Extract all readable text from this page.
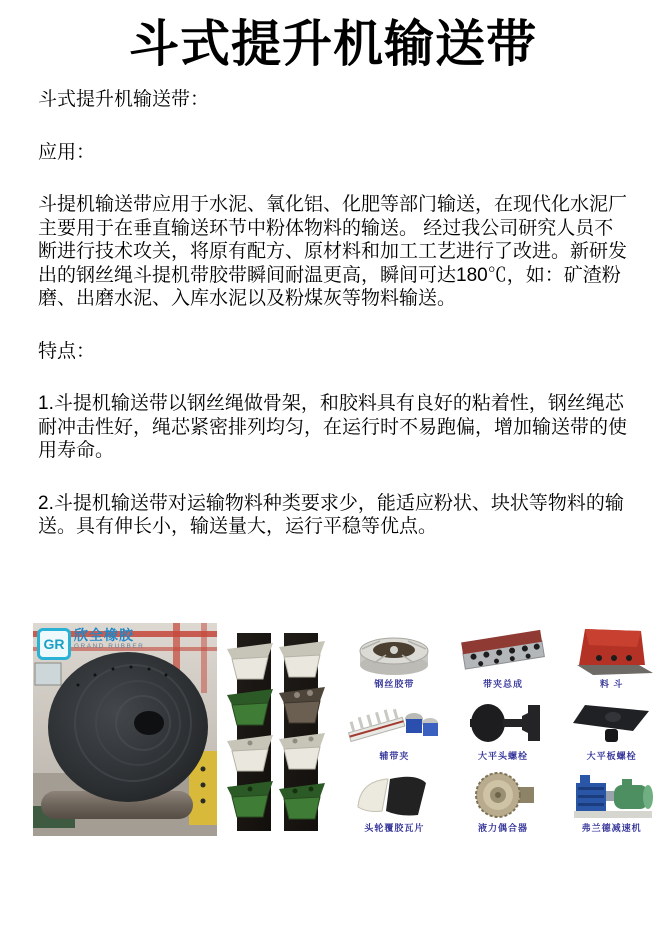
斗式提升机输送带

斗式提升机输送带：

应用：

斗提机输送带应用于水泥、氧化铝、化肥等部门输送，在现代化水泥厂主要用于在垂直输送环节中粉体物料的输送。 经过我公司研究人员不断进行技术攻关，将原有配方、原材料和加工工艺进行了改进。新研发出的钢丝绳斗提机带胶带瞬间耐温更高，瞬间可达180℃，如：矿渣粉磨、出磨水泥、入库水泥以及粉煤灰等物料输送。

特点：

1.斗提机输送带以钢丝绳做骨架，和胶料具有良好的粘着性，钢丝绳芯耐冲击性好，绳芯紧密排列均匀，在运行时不易跑偏，增加输送带的使用寿命。

2.斗提机输送带对运输物料种类要求少，能适应粉状、块状等物料的输送。具有伸长小，输送量大，运行平稳等优点。

GR
欣全橡胶
GRAND RUBBER
钢丝胶带	带夹总成	料 斗
辅带夹	大平头螺栓	大平板螺栓
头轮覆胶瓦片	液力偶合器	弗兰德减速机
